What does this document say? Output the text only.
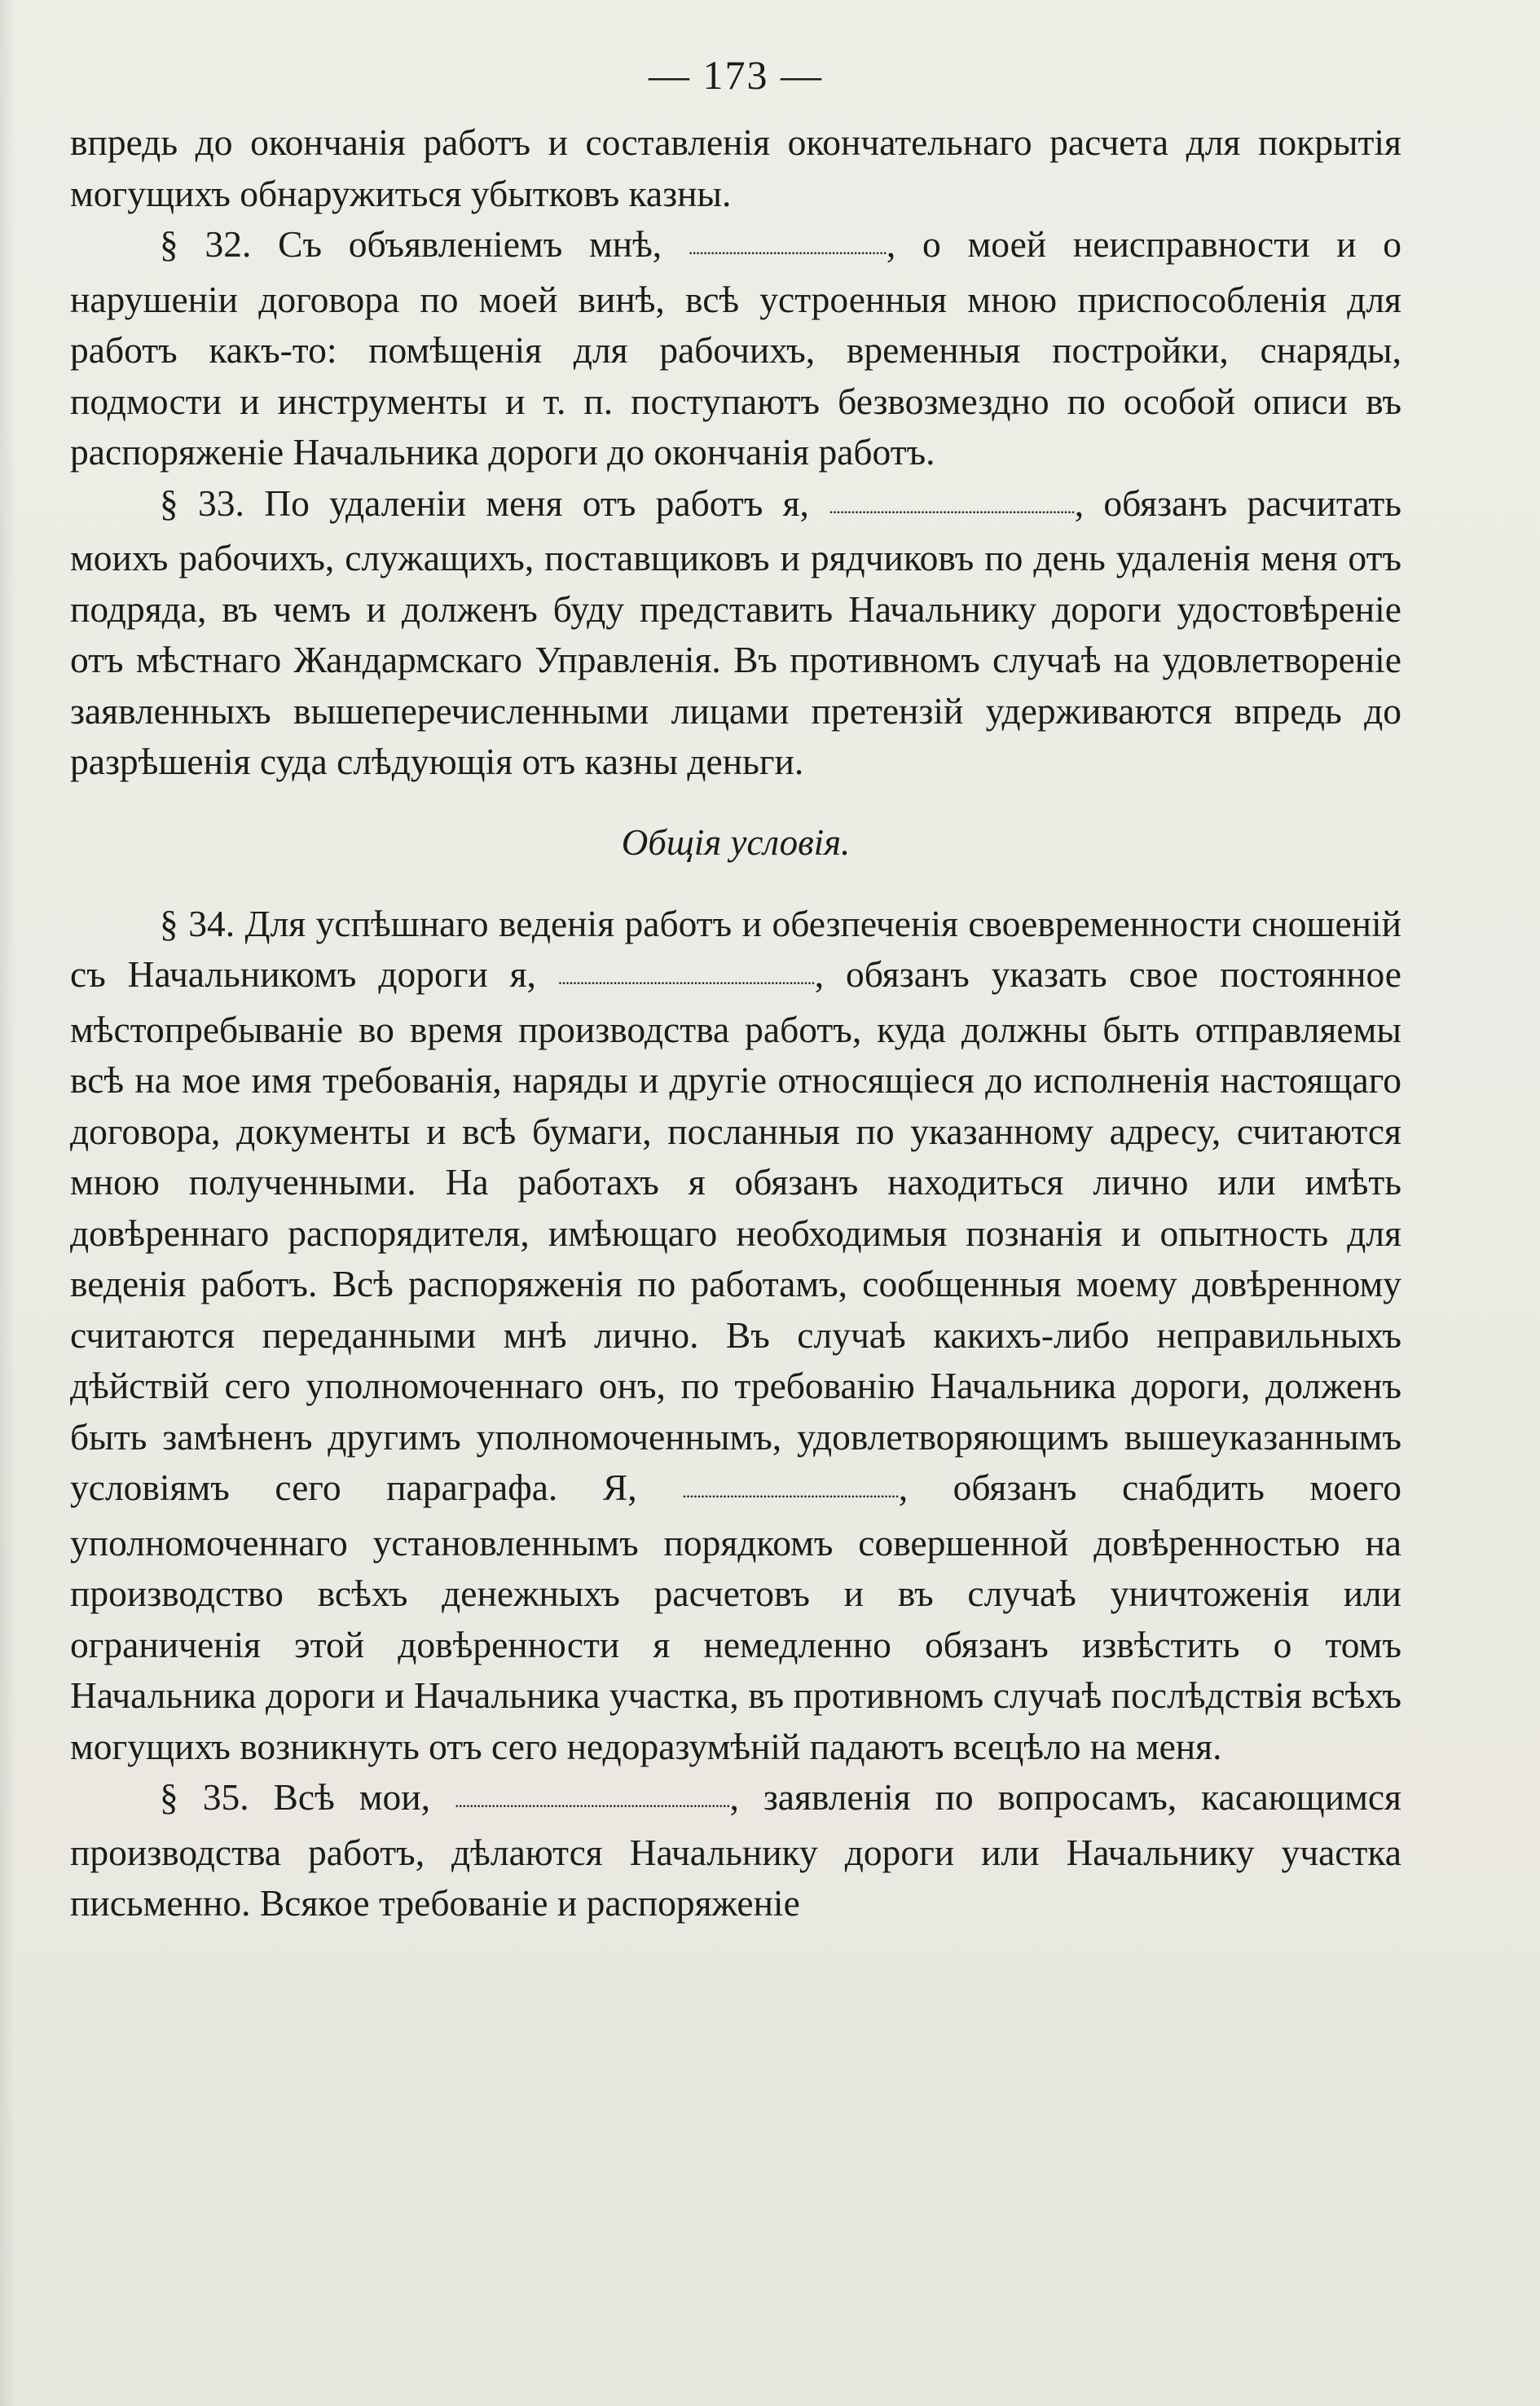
— 173 —

впредь до окончанія работъ и составленія окончательнаго расчета для покрытія могущихъ обнаружиться убытковъ казны.

§ 32. Съ объявленіемъ мнѣ, ......................................................, о моей неисправности и о нарушеніи договора по моей винѣ, всѣ устроенныя мною приспособленія для работъ какъ-то: помѣщенія для рабочихъ, временныя постройки, снаряды, подмости и инструменты и т. п. поступаютъ безвозмездно по особой описи въ распоряженіе Начальника дороги до окончанія работъ.

§ 33. По удаленіи меня отъ работъ я, ..................................................................., обязанъ расчитать моихъ рабочихъ, служащихъ, поставщиковъ и рядчиковъ по день удаленія меня отъ подряда, въ чемъ и долженъ буду представить Начальнику дороги удостовѣреніе отъ мѣстнаго Жандармскаго Управленія. Въ противномъ случаѣ на удовлетвореніе заявленныхъ вышеперечисленными лицами претензій удерживаются впредь до разрѣшенія суда слѣдующія отъ казны деньги.

Общія условія.

§ 34. Для успѣшнаго веденія работъ и обезпеченія своевременности сношеній съ Начальникомъ дороги я, ......................................................................, обязанъ указать свое постоянное мѣстопребываніе во время производства работъ, куда должны быть отправляемы всѣ на мое имя требованія, наряды и другіе относящіеся до исполненія настоящаго договора, документы и всѣ бумаги, посланныя по указанному адресу, считаются мною полученными. На работахъ я обязанъ находиться лично или имѣть довѣреннаго распорядителя, имѣющаго необходимыя познанія и опытность для веденія работъ. Всѣ распоряженія по работамъ, сообщенныя моему довѣренному считаются переданными мнѣ лично. Въ случаѣ какихъ-либо неправильныхъ дѣйствій сего уполномоченнаго онъ, по требованію Начальника дороги, долженъ быть замѣненъ другимъ уполномоченнымъ, удовлетворяющимъ вышеуказаннымъ условіямъ сего параграфа. Я, ..........................................................., обязанъ снабдить моего уполномоченнаго установленнымъ порядкомъ совершенной довѣренностью на производство всѣхъ денежныхъ расчетовъ и въ случаѣ уничтоженія или ограниченія этой довѣренности я немедленно обязанъ извѣстить о томъ Начальника дороги и Начальника участка, въ противномъ случаѣ послѣдствія всѣхъ могущихъ возникнуть отъ сего недоразумѣній падаютъ всецѣло на меня.

§ 35. Всѣ мои, ..........................................................................., заявленія по вопросамъ, касающимся производства работъ, дѣлаются Начальнику дороги или Начальнику участка письменно. Всякое требованіе и распоряженіе
